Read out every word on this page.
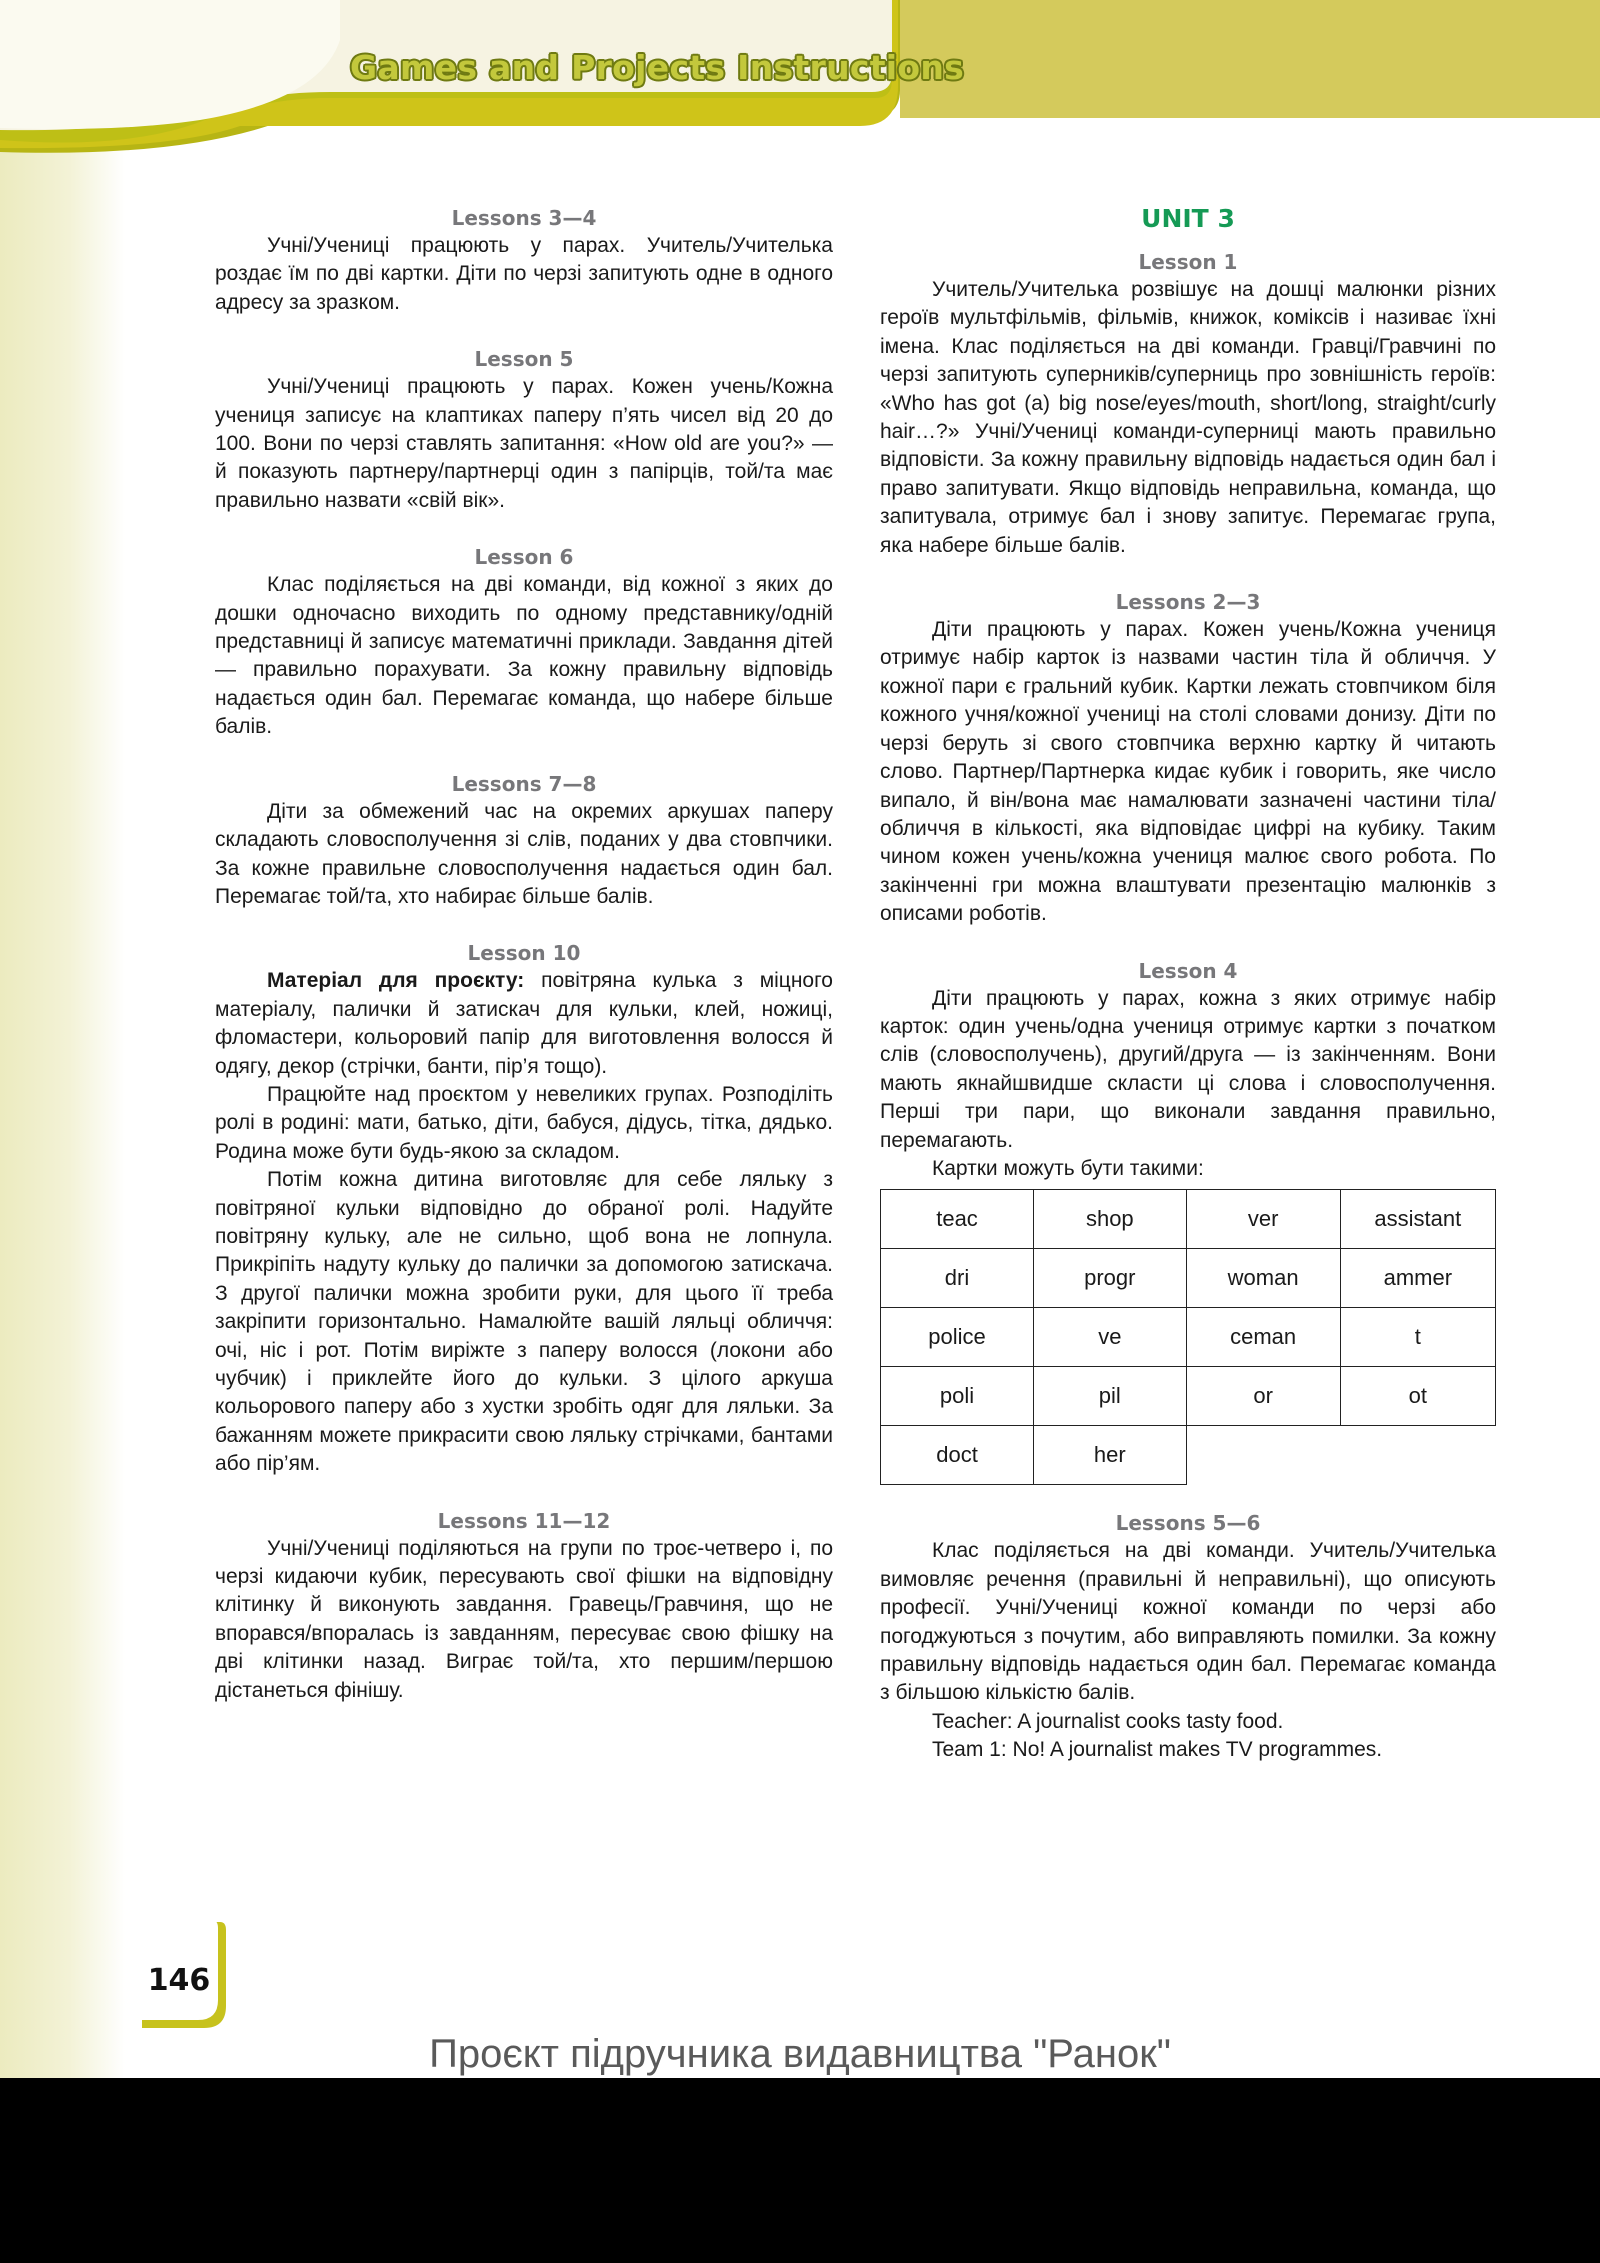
Games and Projects Instructions
Lessons 3—4

Учні/Учениці працюють у парах. Учитель/Учителька роздає їм по дві картки. Діти по черзі запитують одне в одного адресу за зразком.

Lesson 5

Учні/Учениці працюють у парах. Кожен учень/Кожна учениця записує на клаптиках паперу п’ять чисел від 20 до 100. Вони по черзі ставлять запитання: «How old are you?» — й показують партнеру/партнерці один з папірців, той/та має правильно назвати «свій вік».

Lesson 6

Клас поділяється на дві команди, від кожної з яких до дошки одночасно виходить по одному представнику/одній представниці й записує математичні приклади. Завдання дітей — правильно порахувати. За кожну правильну відповідь надається один бал. Перемагає команда, що набере більше балів.

Lessons 7—8

Діти за обмежений час на окремих аркушах паперу складають словосполучення зі слів, поданих у два стовпчики. За кожне правильне словосполучення надається один бал. Перемагає той/та, хто набирає більше балів.

Lesson 10

Матеріал для проєкту: повітряна кулька з міцного матеріалу, палички й затискач для кульки, клей, ножиці, фломастери, кольоровий папір для виготовлення волосся й одягу, декор (стрічки, банти, пір’я тощо).

Працюйте над проєктом у невеликих групах. Розподіліть ролі в родині: мати, батько, діти, бабуся, дідусь, тітка, дядько. Родина може бути будь-якою за складом.

Потім кожна дитина виготовляє для себе ляльку з повітряної кульки відповідно до обраної ролі. Надуйте повітряну кульку, але не сильно, щоб вона не лопнула. Прикріпіть надуту кульку до палички за допомогою затискача. З другої палички можна зробити руки, для цього її треба закріпити горизонтально. Намалюйте вашій ляльці обличчя: очі, ніс і рот. Потім виріжте з паперу волосся (локони або чубчик) і приклейте його до кульки. З цілого аркуша кольорового паперу або з хустки зробіть одяг для ляльки. За бажанням можете прикрасити свою ляльку стрічками, бантами або пір’ям.

Lessons 11—12

Учні/Учениці поділяються на групи по троє-четверо і, по черзі кидаючи кубик, пересувають свої фішки на відповідну клітинку й виконують завдання. Гравець/Гравчиня, що не впорався/впоралась із завданням, пересуває свою фішку на дві клітинки назад. Виграє той/та, хто першим/першою дістанеться фінішу.

UNIT 3
Lesson 1

Учитель/Учителька розвішує на дошці малюнки різних героїв мультфільмів, фільмів, книжок, коміксів і називає їхні імена. Клас поділяється на дві команди. Гравці/Гравчині по черзі запитують суперників/суперниць про зовнішність героїв: «Who has got (a) big nose/eyes/mouth, short/long, straight/curly hair…?» Учні/Учениці команди-суперниці мають правильно відповісти. За кожну правильну відповідь надається один бал і право запитувати. Якщо відповідь неправильна, команда, що запитувала, отримує бал і знову запитує. Перемагає група, яка набере більше балів.

Lessons 2—3

Діти працюють у парах. Кожен учень/Кожна учениця отримує набір карток із назвами частин тіла й обличчя. У кожної пари є гральний кубик. Картки лежать стовпчиком біля кожного учня/кожної учениці на столі словами донизу. Діти по черзі беруть зі свого стовпчика верхню картку й читають слово. Партнер/Партнерка кидає кубик і говорить, яке число випало, й він/вона має намалювати зазначені частини тіла/обличчя в кількості, яка відповідає цифрі на кубику. Таким чином кожен учень/кожна учениця малює свого робота. По закінченні гри можна влаштувати презентацію малюнків з описами роботів.

Lesson 4

Діти працюють у парах, кожна з яких отримує набір карток: один учень/одна учениця отримує картки з початком слів (словосполучень), другий/друга — із закінченням. Вони мають якнайшвидше скласти ці слова і словосполучення. Перші три пари, що виконали завдання правильно, перемагають.

Картки можуть бути такими:

teac	shop	ver	assistant
dri	progr	woman	ammer
police	ve	ceman	t
poli	pil	or	ot
doct	her		
Lessons 5—6

Клас поділяється на дві команди. Учитель/Учителька вимовляє речення (правильні й неправильні), що описують професії. Учні/Учениці кожної команди по черзі або погоджуються з почутим, або виправляють помилки. За кожну правильну відповідь надається один бал. Перемагає команда з більшою кількістю балів.

Teacher: A journalist cooks tasty food.

Team 1: No! A journalist makes TV programmes.

146
Проєкт підручника видавництва "Ранок"
